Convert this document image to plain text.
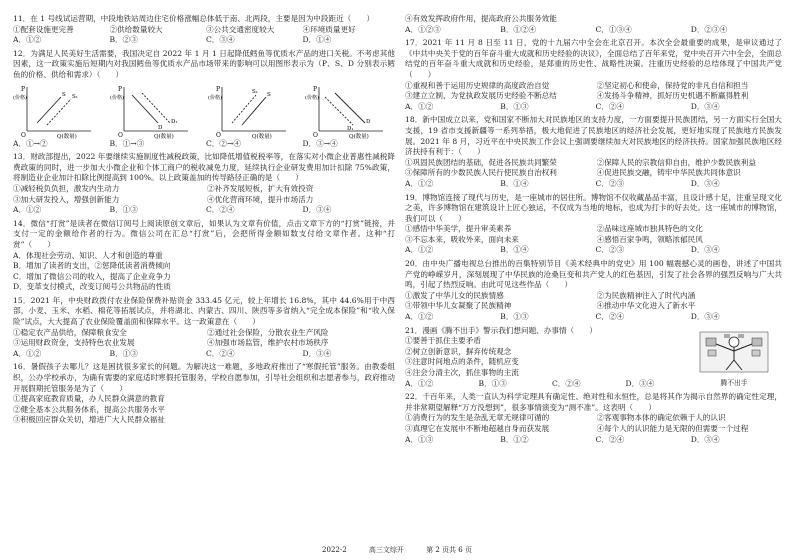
11．在 1 号线试运营期，中段地铁站周边住宅价格涨幅总体低于南、北两段，主要是因为中段距近（　　）
①配套设施更完善	②供给数量较大	③公共交通密度较大	④环境质量更好
A．①②	B．②③	C．③④	D．①④
12．为满足人民美好生活需要，我国决定自 2022 年 1 月 1 日起降低鳕鱼等优质水产品的进口关税。不考虑其他因素，这一政策实施后短期内对我国鳕鱼等优质水产品市场带来的影响可以用图形表示为（P、S、D 分别表示鳕鱼的价格、供给和需求）（　　）
P
(价格)
O	Q(数量)
S S₁
P
(价格)
O	Q(数量)
D
D₁
P
(价格)
O	Q(数量)
S
S₁	P
(价格)
O	Q(数量)
D
D₁
A．①→②	B．①→③	C．②→④	D．③→④
13．财政部提出，2022 年要继续实施制度性减税政策，比如降低增值税税率等，在落实对小微企业普惠性减税降费政策的同时，进一步加大小微企业和个体工商户的税收减免力度，延续执行企业研发费用加计扣除 75%政策，将制造业企业加计扣除比例提高到 100%。以上政策盖加的传导路径正确的是（　　）
①减轻税负负担，激发内生动力	②补齐发展短板，扩大有效投资
③加大研发投入，增强创新能力	④优化营商环境，提升市场活力
A．①②	B．①③	C．②④	D．③④
14．微信“打赏”是读者在微信订阅号上阅读原创文章后，如果认为文章有价值，点击文章下方的“打赏”链接，并支付一定的金额给作者的行为。微信公司在汇总“打赏”后，会把所得金额如数支付给文章作者。这种“打赏”（　　）
A．体现社会劳动、知识、人才和创造的尊重
B．增加了读者的支出，②惩降低读者消费倾向
C．增加了微信公司的收入，提高了企业竞争力
D．变革支付模式，改变订阅号公共物品的性质
15．2021 年，中央财政拨付农业保险保费补贴资金 333.45 亿元，较上年增长 16.8%，其中 44.6%用于中西部，小麦、玉米、水稻、棉花等拓展试点，并将湖北、内蒙古、四川、陕西等多省纳入“完全成本保险”和“收入保险”试点，大大提高了农业保险覆盖面和保障水平。这一政策意在（　　）
①稳定农产品供给，保障粮食安全	②通过社会保险，分散农业生产风险
③运用财政资金，支持特色农业发展	④加强市场监管，维护农村市场秩序
A．①②	B．①③	C．②④	D．③④
16．暑假孩子去哪儿？这是困扰很多家长的问题。为解决这一难题，多地政府推出了“寒假托管”服务。由教委组织，公办学校承办，为确有需要的家庭适时寒假托管服务，学校自愿参加，引导社会组织和志愿者参与，政府推动开展假期托管服务是为了（　　）
①提高家庭教育质量，办人民群众满意的教育
②健全基本公共服务体系，提高公共服务水平
③积极回应群众关切，增进广大人民群众福祉
④有效发挥政府作用，提高政府公共服务效能
A．①②③	B．①②④	C．①③④	D．②③④
17．2021 年 11 月 8 日至 11 日，党的十九届六中全会在北京召开。本次全会最重要的成果，是审议通过了《中共中央关于党的百年奋斗重大成就和历史经验的决议》，全面总结了百年来党，党中央召开六中全会，全面总结党的百年奋斗重大成就和历史经验，是郑重的历史性、战略性决策。注重历史经验的总结体现了中国共产党（　　）
①重视和善于运用历史规律的高度政治自觉	②坚定初心和使命，保持党的非凡自信和担当
③建立立制，为党执政发展历史经验不断总结	④发扬斗争精神，抓好历史机遇不断赢得胜利
A．①②	B．①③	C．②④	D．③④
18．新中国成立以来，党和国家不断加大对民族地区的支持力度，一方面要提升民族团结，另一方面实行全国大支援，19 省市支援新疆等一系列举措，极大地促进了民族地区的经济社会发展，更好地实现了民族地方民族发展。2021 年 8 月，习近平在中央民族工作会议上强调要继续加大对民族地区的经济扶持。国家加强民族地区经济扶持有利于：（　　）
①巩固民族团结的基础，促进各民族共同繁荣	②保障人民的宗教信仰自由，维护少数民族利益
③保障所有的少数民族人民行使民族自治权利	④促进民族交融，铸牢中华民族共同体意识
A．①②	B．①④	C．②③	D．③④
19．博物馆连接了现代与历史，是一座城市的居住所。博物馆不仅收藏晶品丰富，且设计感十足，注重呈现文化之美，许多博物馆在建筑设计上匠心独运，不仅成为当地的地标，也成为打卡的好去处。这一座城市的博物馆，我们可以（　　）
①感悟中华美学，提升审美素养	②品味这座城市独具特色的文化
③不忘本来，吸收外来，面向未来	④感悟百家争鸣，领略浓郁民风
A．①②	B．①④	C．②③	D．③④
20．由中央广播电视总台推出的百集特别节目《美术经典中的党史》用 100 幅震撼心灵的画卷，讲述了中国共产党的峥嵘岁月，深刻展现了中华民族的沧桑巨变和共产党人的红色基因，引发了社会各界的强烈反响与广大共鸣，引起了热烈反响。由此可见这些作品（　　）
①激发了中华儿女的民族情感	②为民族精神注入了时代内涵
③带领中华儿女凝聚了民族精神	④推动中华文化进入了新水平
A．①②	B．①③	C．②④	D．③④
21．漫画《腾不出手》警示我们想问题、办事情（　　）
①要善于抓住主要矛盾
②树立创新意识，摒弃传统观念
③注意时间地点的条件，随机应变
④注会分清主次，抓住事物的主流
A．①②	B．①③	C．②④	D．③④	腾不出手
22．千百年来，人类一直认为科学定理具有确定性、绝对性和永恒性，总是将其作为揭示自然界的确定性定理，并非常期望解释“万方没想到”，很多事情演变为“测不准”。这表明（　　）
①消费行为的发生是杂乱无章无规律可循的	②客观事物本体的确定依赖于人的认识
③真理它在发展中不断地超越自身而获发展	④每个人的认识能力是无限的但需要一个过程
A．①③	B．①②	C．②④	D．③④
2022-2	高三文综开	第 2 页共 6 页
